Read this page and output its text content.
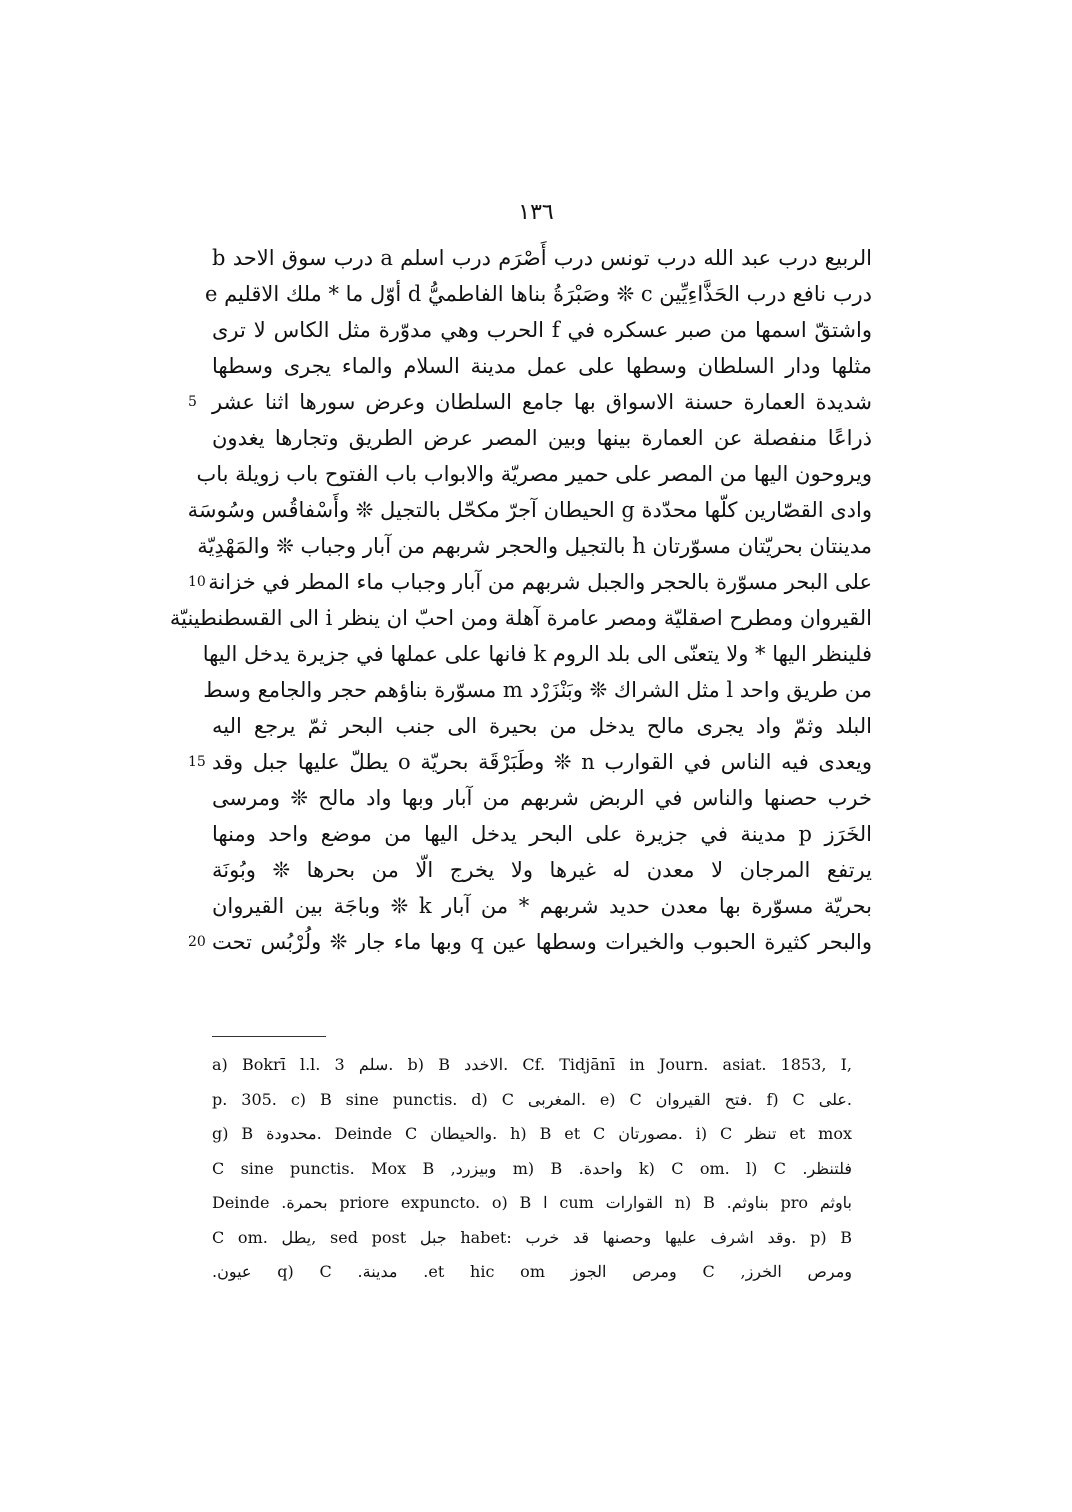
١٣٦
الربيع درب عبد الله درب تونس درب أَصْرَم درب اسلم a درب سوق الاحد b
درب نافع درب الحَذَّاءِيِّين c ❊ وصَبْرَةُ بناها الفاطميُّ d أوّل ما * ملك الاقليم e
واشتقّ اسمها من صبر عسكره في f الحرب وهي مدوّرة مثل الكاس لا ترى
مثلها ودار السلطان وسطها على عمل مدينة السلام والماء يجرى وسطها
5 شديدة العمارة حسنة الاسواق بها جامع السلطان وعرض سورها اثنا عشر
ذراعًا منفصلة عن العمارة بينها وبين المصر عرض الطريق وتجارها يغدون
ويروحون اليها من المصر على حمير مصريّة والابواب باب الفتوح باب زويلة باب
وادى القصّارين كلّها محدّدة g الحيطان آجرّ مكحّل بالتجيل ❊ وأَسْفاقُس وسُوسَة
مدينتان بحريّتان مسوّرتان h بالتجيل والحجر شربهم من آبار وجباب ❊ والمَهْدِيّة
10 على البحر مسوّرة بالحجر والجبل شربهم من آبار وجباب ماء المطر في خزانة
القيروان ومطرح اصقليّة ومصر عامرة آهلة ومن احبّ ان ينظر i الى القسطنطينيّة
فلينظر اليها * ولا يتعنّى الى بلد الروم k فانها على عملها في جزيرة يدخل اليها
من طريق واحد l مثل الشراك ❊ وبَنْزَرْد m مسوّرة بناؤهم حجر والجامع وسط
البلد وثمّ واد يجرى مالح يدخل من بحيرة الى جنب البحر ثمّ يرجع اليه
15 ويعدى فيه الناس في القوارب n ❊ وطَبَرْقَة بحريّة o يطلّ عليها جبل وقد
خرب حصنها والناس في الربض شربهم من آبار وبها واد مالح ❊ ومرسى
الخَرَز p مدينة في جزيرة على البحر يدخل اليها من موضع واحد ومنها
يرتفع المرجان لا معدن له غيرها ولا يخرج الّا من بحرها ❊ وبُونَة
بحريّة مسوّرة بها معدن حديد شربهم * من آبار k ❊ وباجَة بين القيروان
20 والبحر كثيرة الحبوب والخيرات وسطها عين q وبها ماء جار ❊ ولُرْبُس تحت
a) Bokrī l.l. 3 سلم. b) B الاخدد. Cf. Tidjānī in Journ. asiat. 1853, I,
p. 305. c) B sine punctis. d) C المغربى. e) C فتح القيروان. f) C على.
g) B محدودة. Deinde C والحيطان. h) B et C مصورتان. i) C تنظر et mox
فلتنظر. k) C om. l) C واحدة. m) B وبيزرد, C sine punctis. Mox B
باوثم pro بناوثم. n) B القوارات cum ا priore expuncto. o) B بحمرة. Deinde
C om. يطل, sed post جبل habet: وقد اشرف عليها وحصنها قد خرب. p) B
ومرص الخرز, C ومرص الجوز et hic om. مدينة. q) C عيون.
